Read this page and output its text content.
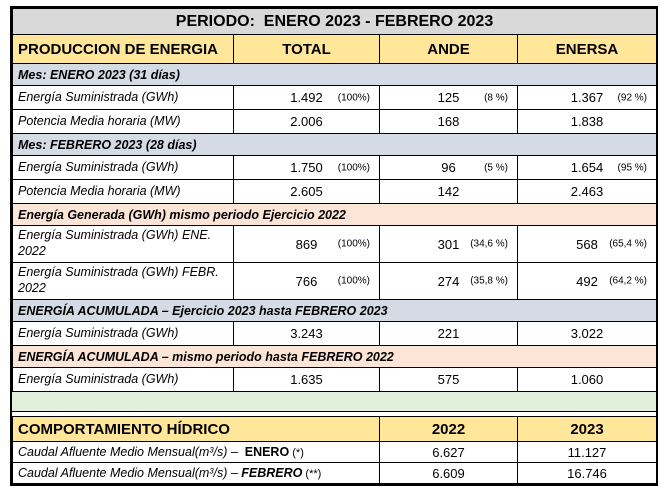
PERIODO:  ENERO 2023 - FEBRERO 2023			
PRODUCCION DE ENERGIA	TOTAL	ANDE	ENERSA
Mes: ENERO 2023 (31 días)			
Energía Suministrada (GWh)	1.492 (100%)	125 (8 %)	1.367 (92 %)

Potencia Media horaria (MW)	2.006	168	1.838
Mes: FEBRERO 2023 (28 días)			
Energía Suministrada (GWh)	1.750 (100%)	96 (5 %)	1.654 (95 %)

Potencia Media horaria (MW)	2.605	142	2.463
Energía Generada (GWh) mismo periodo Ejercicio 2022			
Energía Suministrada (GWh) ENE. 2022	869 (100%)	301 (34,6 %)	568 (65,4 %)

Energía Suministrada (GWh) FEBR. 2022	766 (100%)	274 (35,8 %)	492 (64,2 %)

ENERGÍA ACUMULADA – Ejercicio 2023 hasta FEBRERO 2023			
Energía Suministrada (GWh)	3.243	221	3.022
ENERGÍA ACUMULADA – mismo periodo hasta FEBRERO 2022			
Energía Suministrada (GWh)	1.635	575	1.060
COMPORTAMIENTO HÍDRICO	2022	2023
Caudal Afluente Medio Mensual(m³/s) –  ENERO (*)	6.627	11.127
Caudal Afluente Medio Mensual(m³/s) – FEBRERO (**)	6.609	16.746
